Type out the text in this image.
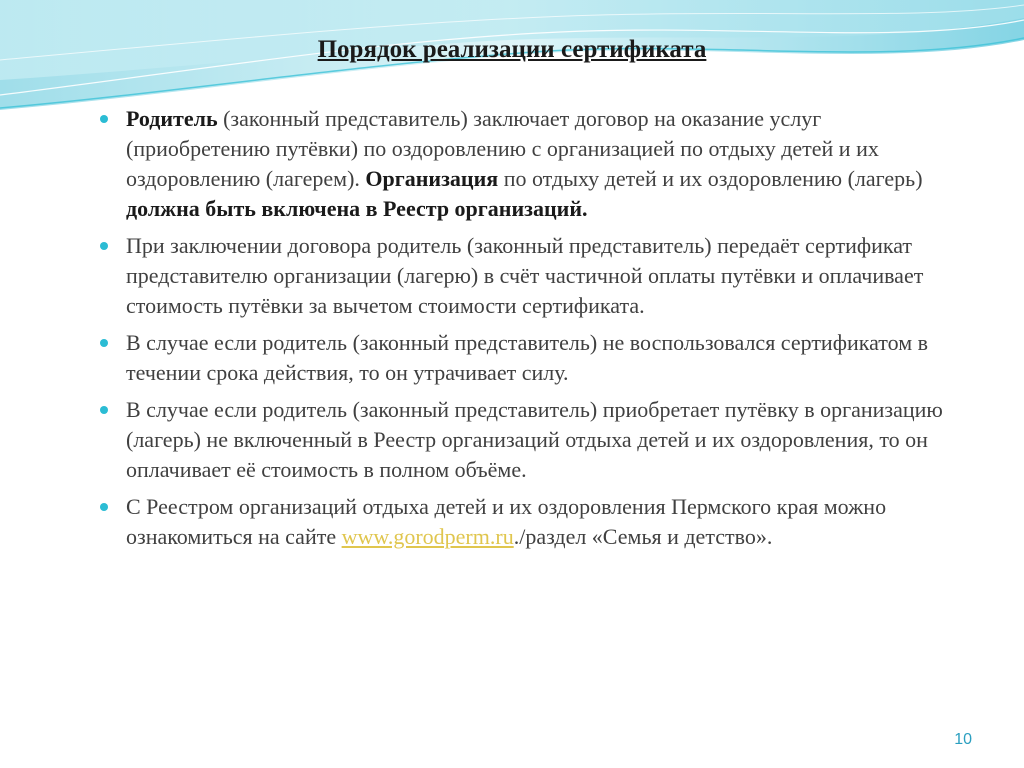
Порядок реализации сертификата
Родитель (законный представитель) заключает договор на оказание услуг (приобретению путёвки) по оздоровлению с организацией по отдыху детей и их оздоровлению (лагерем). Организация по отдыху детей и их оздоровлению (лагерь) должна быть включена в Реестр организаций.
При заключении договора родитель (законный представитель) передаёт сертификат представителю организации (лагерю) в счёт частичной оплаты путёвки и оплачивает стоимость путёвки за вычетом стоимости сертификата.
В случае если родитель (законный представитель) не воспользовался сертификатом в течении срока действия, то он утрачивает силу.
В случае если родитель (законный представитель) приобретает путёвку в организацию (лагерь) не включенный в Реестр организаций отдыха детей и их оздоровления, то он оплачивает её стоимость в полном объёме.
С Реестром организаций отдыха детей и их оздоровления Пермского края можно ознакомиться на сайте www.gorodperm.ru./раздел «Семья и детство».
10
